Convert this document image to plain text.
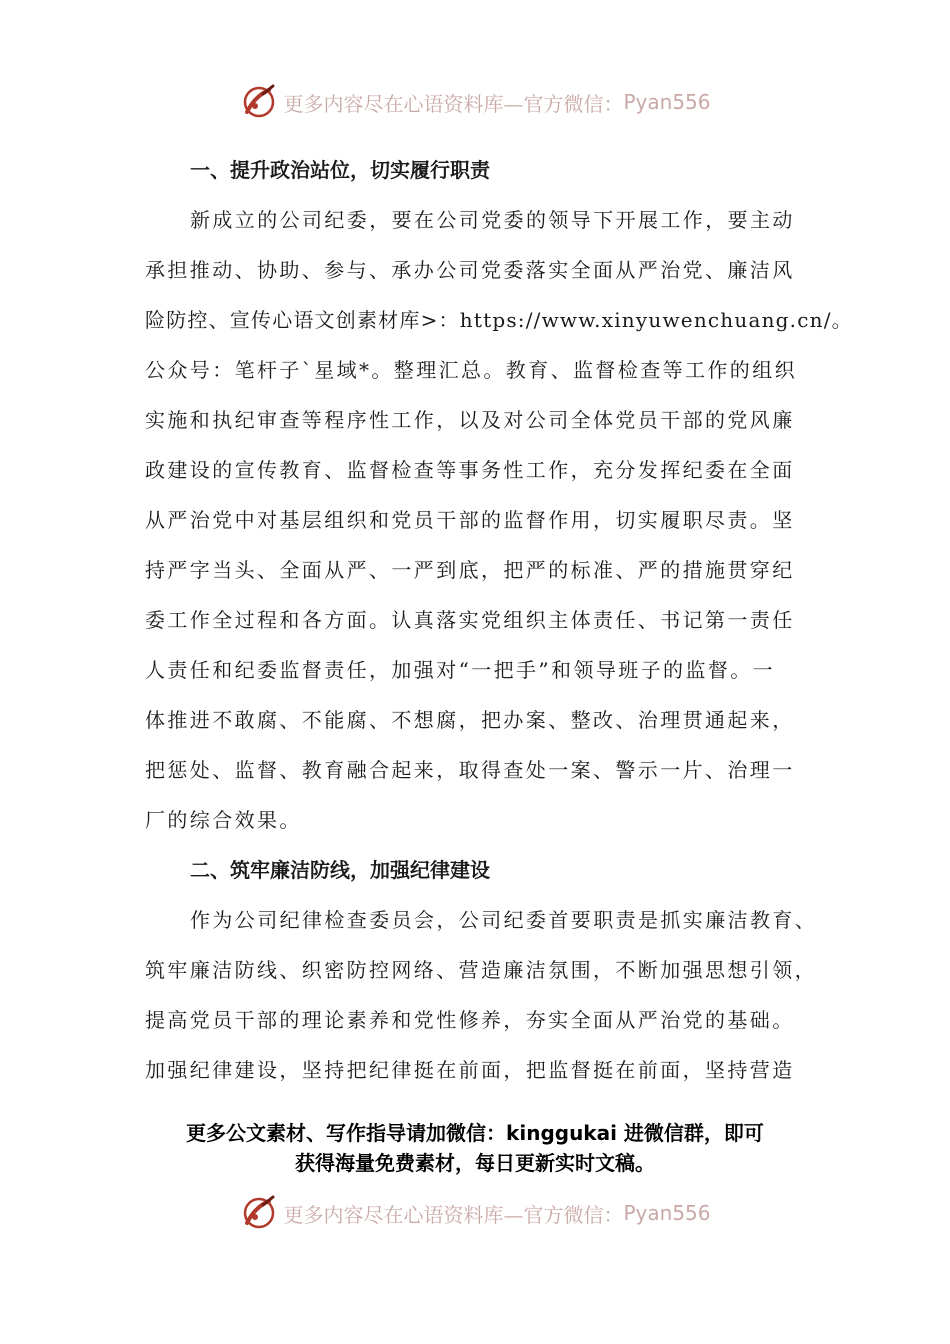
更多内容尽在心语资料库—官方微信： Pyan556
一、提升政治站位，切实履行职责
新成立的公司纪委，要在公司党委的领导下开展工作，要主动
承担推动、协助、参与、承办公司党委落实全面从严治党、廉洁风
险防控、宣传心语文创素材库>：https://www.xinyuwenchuang.cn/。
公众号：笔杆子`星域*。整理汇总。教育、监督检查等工作的组织
实施和执纪审查等程序性工作，以及对公司全体党员干部的党风廉
政建设的宣传教育、监督检查等事务性工作，充分发挥纪委在全面
从严治党中对基层组织和党员干部的监督作用，切实履职尽责。坚
持严字当头、全面从严、一严到底，把严的标准、严的措施贯穿纪
委工作全过程和各方面。认真落实党组织主体责任、书记第一责任
人责任和纪委监督责任，加强对“一把手”和领导班子的监督。一
体推进不敢腐、不能腐、不想腐，把办案、整改、治理贯通起来，
把惩处、监督、教育融合起来，取得查处一案、警示一片、治理一
厂的综合效果。
二、筑牢廉洁防线，加强纪律建设
作为公司纪律检查委员会，公司纪委首要职责是抓实廉洁教育、
筑牢廉洁防线、织密防控网络、营造廉洁氛围，不断加强思想引领，
提高党员干部的理论素养和党性修养，夯实全面从严治党的基础。
加强纪律建设，坚持把纪律挺在前面，把监督挺在前面，坚持营造
更多公文素材、写作指导请加微信：kinggukai 进微信群，即可
获得海量免费素材，每日更新实时文稿。
更多内容尽在心语资料库—官方微信： Pyan556
